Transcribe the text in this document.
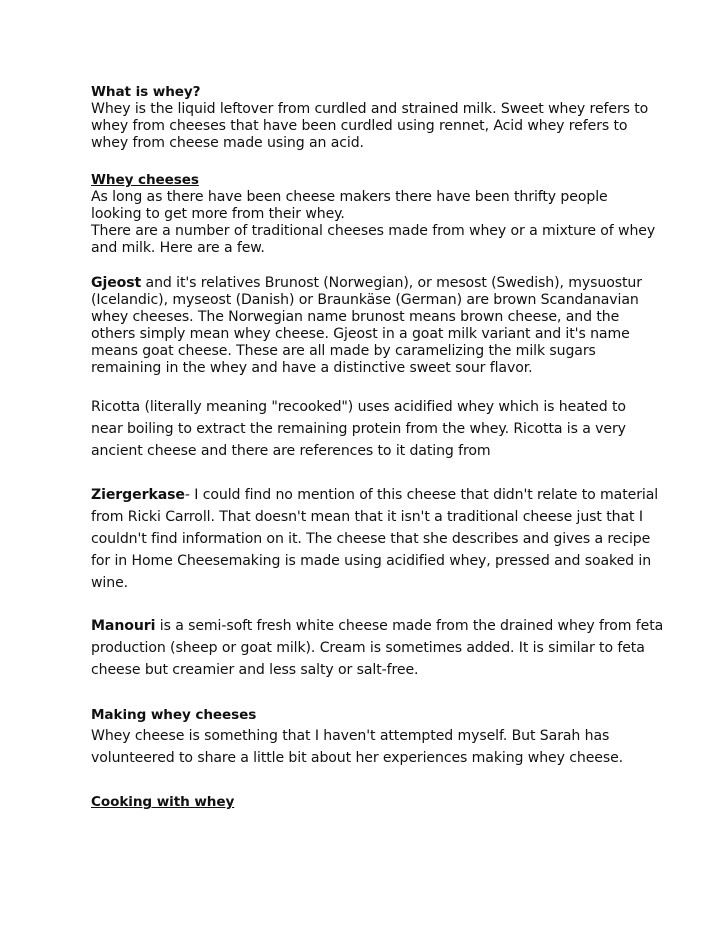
What is whey?
Whey is the liquid leftover from curdled and strained milk. Sweet whey refers to
whey from cheeses that have been curdled using rennet, Acid whey refers to
whey from cheese made using an acid.

Whey cheeses
As long as there have been cheese makers there have been thrifty people
looking to get more from their whey.
There are a number of traditional cheeses made from whey or a mixture of whey
and milk. Here are a few.

Gjeost and it's relatives Brunost (Norwegian), or mesost (Swedish), mysuostur
(Icelandic), myseost (Danish) or Braunkäse (German) are brown Scandanavian
whey cheeses. The Norwegian name brunost means brown cheese, and the
others simply mean whey cheese. Gjeost in a goat milk variant and it's name
means goat cheese. These are all made by caramelizing the milk sugars
remaining in the whey and have a distinctive sweet sour flavor.

Ricotta (literally meaning "recooked") uses acidified whey which is heated to
near boiling to extract the remaining protein from the whey. Ricotta is a very
ancient cheese and there are references to it dating from

Ziergerkase- I could find no mention of this cheese that didn't relate to material
from Ricki Carroll. That doesn't mean that it isn't a traditional cheese just that I
couldn't find information on it. The cheese that she describes and gives a recipe
for in Home Cheesemaking is made using acidified whey, pressed and soaked in
wine.

Manouri is a semi-soft fresh white cheese made from the drained whey from feta
production (sheep or goat milk). Cream is sometimes added. It is similar to feta
cheese but creamier and less salty or salt-free.

Making whey cheeses

Whey cheese is something that I haven't attempted myself. But Sarah has
volunteered to share a little bit about her experiences making whey cheese.

Cooking with whey
